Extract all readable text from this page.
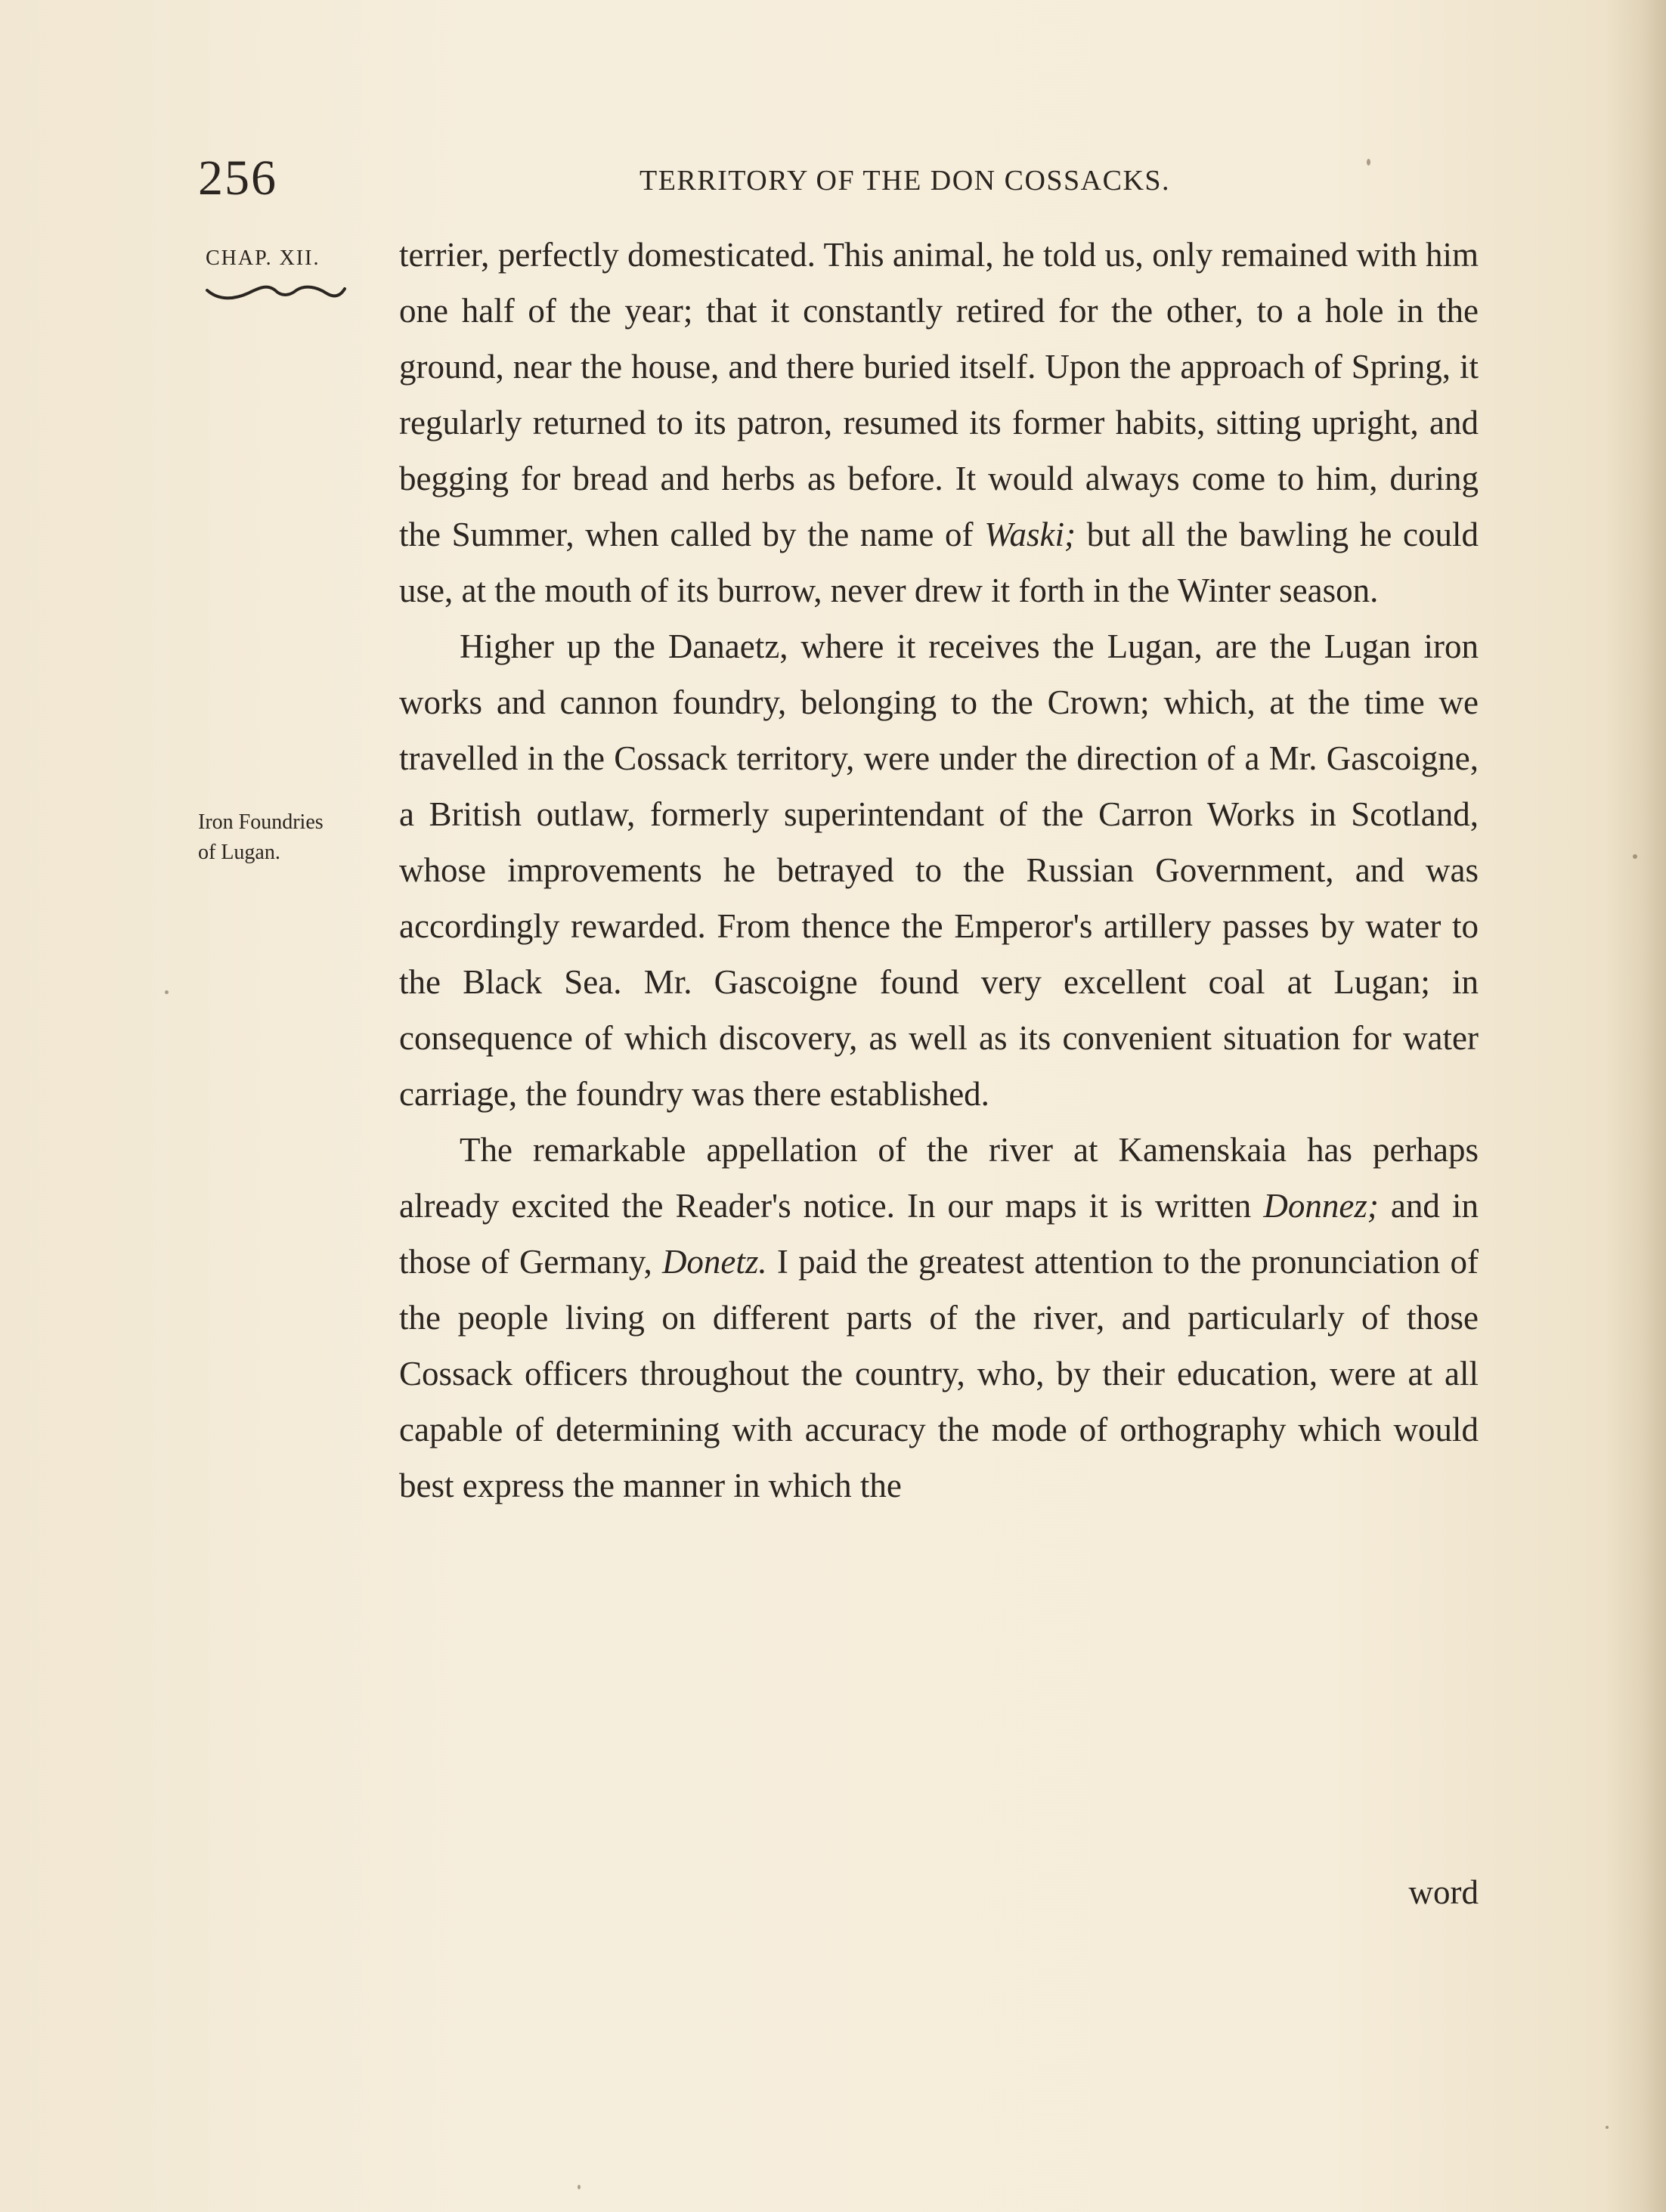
256	TERRITORY OF THE DON COSSACKS.
CHAP. XII.
Iron Foundries
of Lugan.

terrier, perfectly domesticated. This animal, he told us, only remained with him one half of the year; that it constantly retired for the other, to a hole in the ground, near the house, and there buried itself. Upon the approach of Spring, it regularly returned to its patron, resumed its former habits, sitting upright, and begging for bread and herbs as before. It would always come to him, during the Summer, when called by the name of Waski; but all the bawling he could use, at the mouth of its burrow, never drew it forth in the Winter season.

Higher up the Danaetz, where it receives the Lugan, are the Lugan iron works and cannon foundry, belonging to the Crown; which, at the time we travelled in the Cossack territory, were under the direction of a Mr. Gascoigne, a British outlaw, formerly superintendant of the Carron Works in Scotland, whose improvements he betrayed to the Russian Government, and was accordingly rewarded. From thence the Emperor's artillery passes by water to the Black Sea. Mr. Gascoigne found very excellent coal at Lugan; in consequence of which discovery, as well as its convenient situation for water carriage, the foundry was there established.

The remarkable appellation of the river at Kamenskaia has perhaps already excited the Reader's notice. In our maps it is written Donnez; and in those of Germany, Donetz. I paid the greatest attention to the pronunciation of the people living on different parts of the river, and particularly of those Cossack officers throughout the country, who, by their education, were at all capable of determining with accuracy the mode of orthography which would best express the manner in which the

word
